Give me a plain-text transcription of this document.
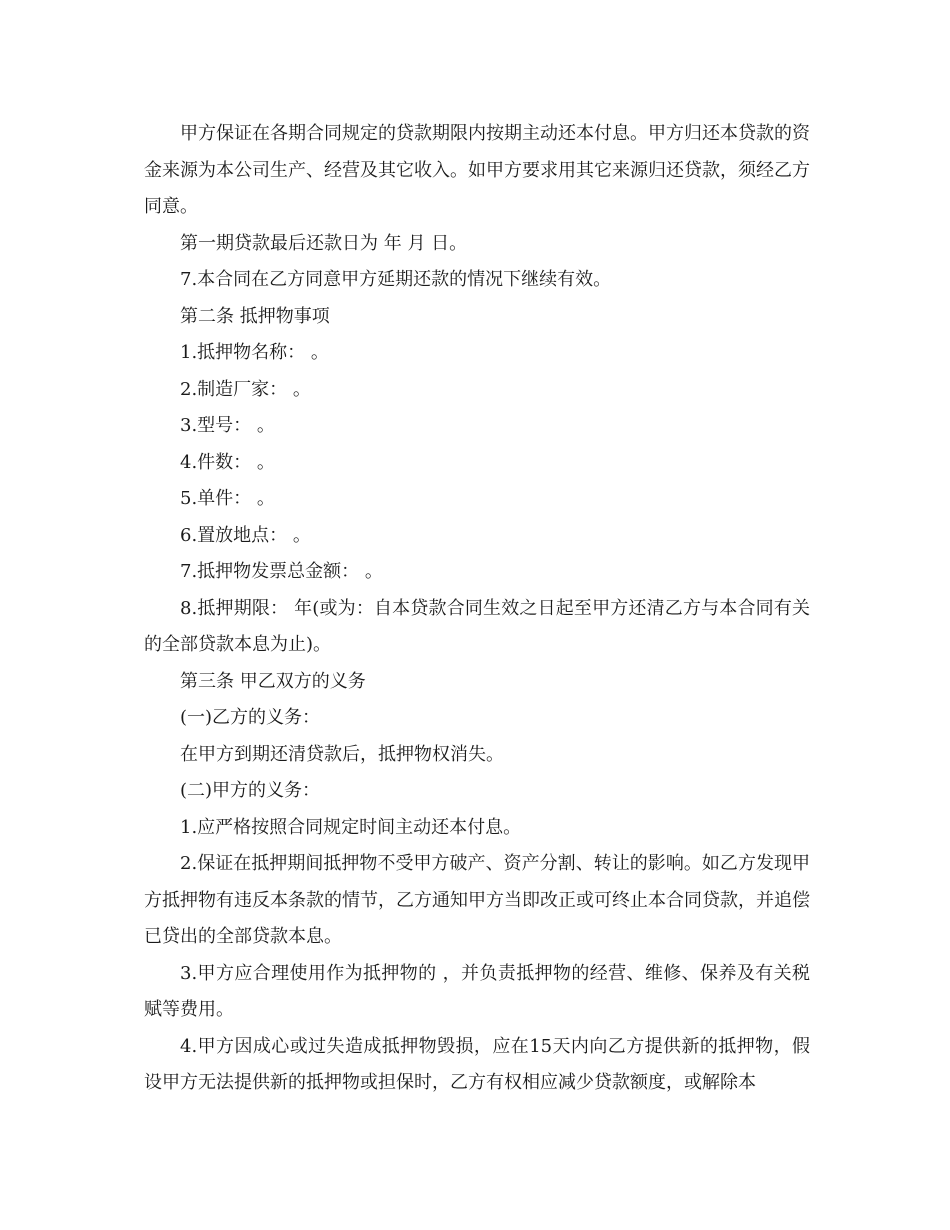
甲方保证在各期合同规定的贷款期限内按期主动还本付息。甲方归还本贷款的资金来源为本公司生产、经营及其它收入。如甲方要求用其它来源归还贷款，须经乙方同意。

第一期贷款最后还款日为 年 月 日。

7.本合同在乙方同意甲方延期还款的情况下继续有效。

第二条 抵押物事项

1.抵押物名称： 。

2.制造厂家： 。

3.型号： 。

4.件数： 。

5.单件： 。

6.置放地点： 。

7.抵押物发票总金额： 。

8.抵押期限： 年(或为：自本贷款合同生效之日起至甲方还清乙方与本合同有关的全部贷款本息为止)。

第三条 甲乙双方的义务

(一)乙方的义务：

在甲方到期还清贷款后，抵押物权消失。

(二)甲方的义务：

1.应严格按照合同规定时间主动还本付息。

2.保证在抵押期间抵押物不受甲方破产、资产分割、转让的影响。如乙方发现甲方抵押物有违反本条款的情节，乙方通知甲方当即改正或可终止本合同贷款，并追偿已贷出的全部贷款本息。

3.甲方应合理使用作为抵押物的 ，并负责抵押物的经营、维修、保养及有关税赋等费用。

4.甲方因成心或过失造成抵押物毁损，应在15天内向乙方提供新的抵押物，假设甲方无法提供新的抵押物或担保时，乙方有权相应减少贷款额度，或解除本
